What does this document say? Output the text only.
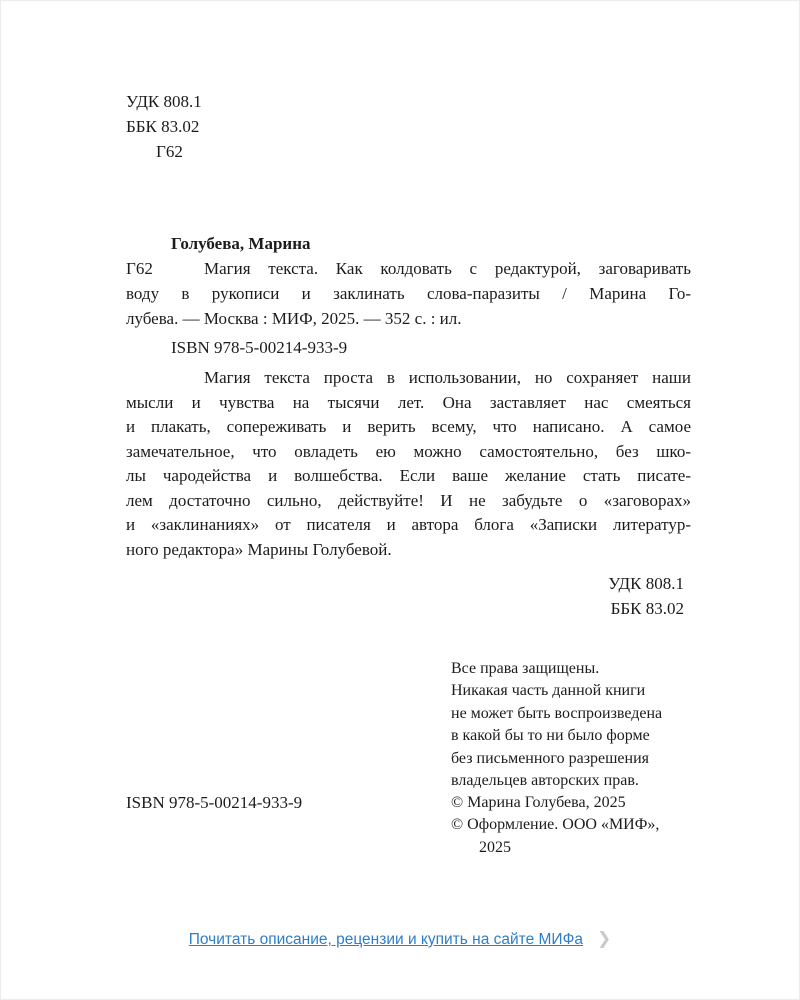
УДК 808.1
ББК 83.02
Г62
Голубева, Марина
Г62	Магия текста. Как колдовать с редактурой, заговаривать
воду в рукописи и заклинать слова-паразиты / Марина Го-
лубева. — Москва : МИФ, 2025. — 352 с. : ил.
ISBN 978-5-00214-933-9
Магия текста проста в использовании, но сохраняет наши
мысли и чувства на тысячи лет. Она заставляет нас смеяться
и плакать, сопереживать и верить всему, что написано. А самое
замечательное, что овладеть ею можно самостоятельно, без шко-
лы чародейства и волшебства. Если ваше желание стать писате-
лем достаточно сильно, действуйте! И не забудьте о «заговорах»
и «заклинаниях» от писателя и автора блога «Записки литератур-
ного редактора» Марины Голубевой.
УДК 808.1
ББК 83.02
Все права защищены.
Никакая часть данной книги
не может быть воспроизведена
в какой бы то ни было форме
без письменного разрешения
владельцев авторских прав.
ISBN 978-5-00214-933-9	© Марина Голубева, 2025
© Оформление. ООО «МИФ»,
2025
Почитать описание, рецензии и купить на сайте МИФа ❯
